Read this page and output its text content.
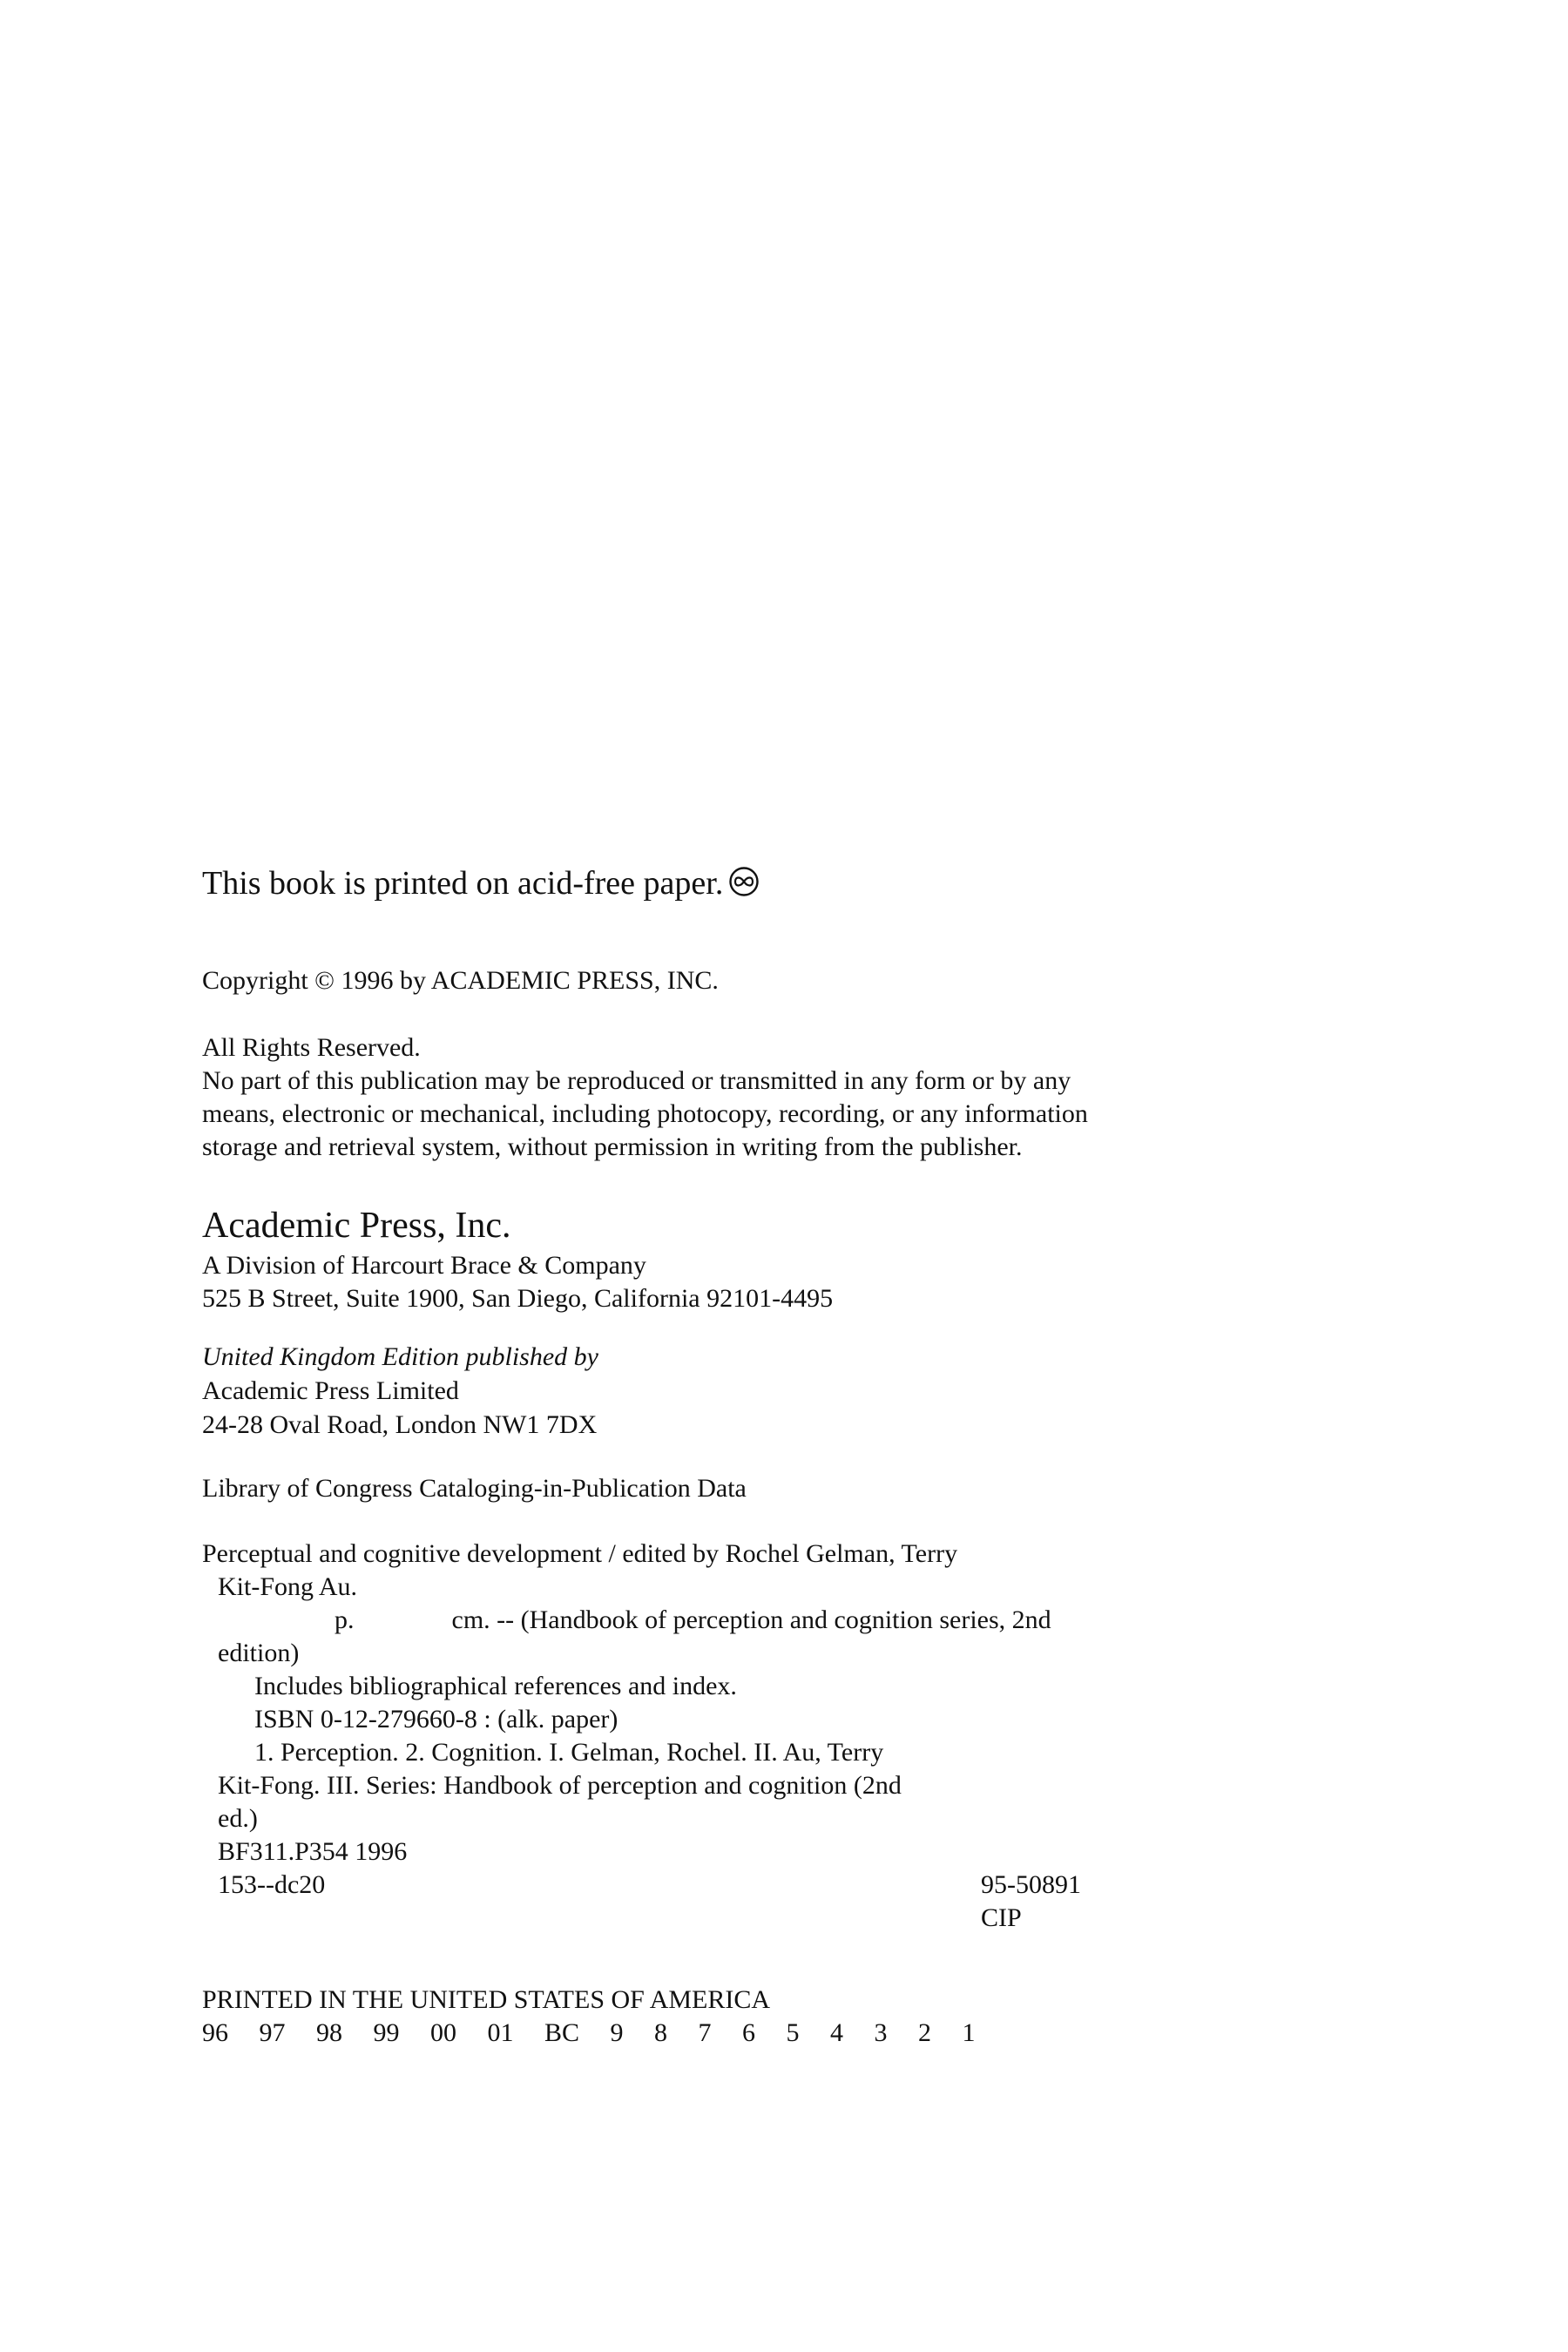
This book is printed on acid-free paper.
Copyright © 1996 by ACADEMIC PRESS, INC.
All Rights Reserved.
No part of this publication may be reproduced or transmitted in any form or by any
means, electronic or mechanical, including photocopy, recording, or any information
storage and retrieval system, without permission in writing from the publisher.
Academic Press, Inc.
A Division of Harcourt Brace & Company
525 B Street, Suite 1900, San Diego, California 92101-4495
United Kingdom Edition published by
Academic Press Limited
24-28 Oval Road, London NW1 7DX
Library of Congress Cataloging-in-Publication Data
Perceptual and cognitive development / edited by Rochel Gelman, Terry
Kit-Fong Au.
p.	cm. -- (Handbook of perception and cognition series, 2nd
edition)
Includes bibliographical references and index.
ISBN 0-12-279660-8 : (alk. paper)
1. Perception. 2. Cognition. I. Gelman, Rochel. II. Au, Terry
Kit-Fong. III. Series: Handbook of perception and cognition (2nd
ed.)
BF311.P354 1996
153--dc20	95-50891
CIP
PRINTED IN THE UNITED STATES OF AMERICA
96 97 98 99 00 01 BC 9 8 7 6 5 4 3 2 1
